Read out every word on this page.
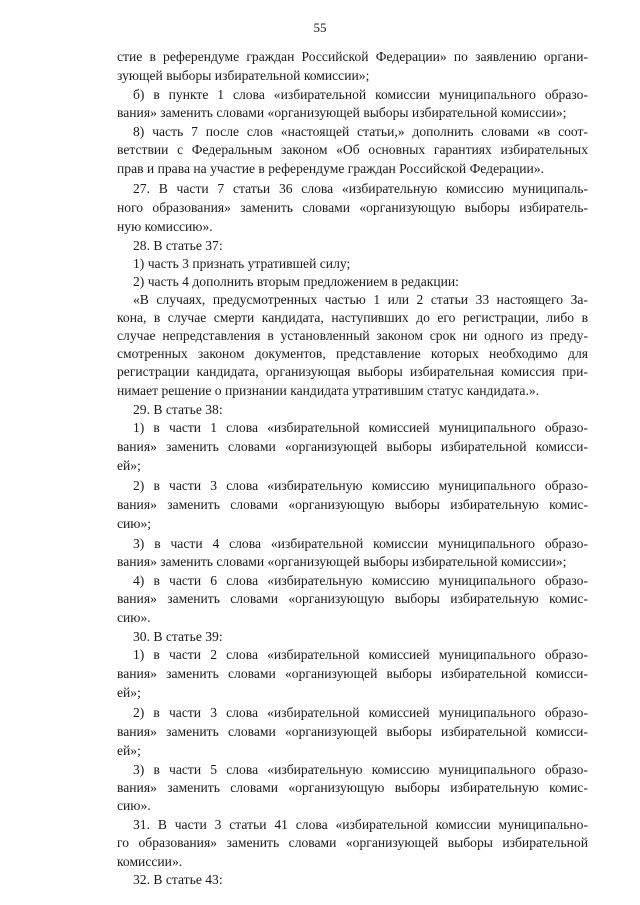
55
стие в референдуме граждан Российской Федерации» по заявлению органи-
зующей выборы избирательной комиссии»;
б) в пункте 1 слова «избирательной комиссии муниципального образо-
вания» заменить словами «организующей выборы избирательной комиссии»;
8) часть 7 после слов «настоящей статьи,» дополнить словами «в соот-
ветствии с Федеральным законом «Об основных гарантиях избирательных
прав и права на участие в референдуме граждан Российской Федерации».
27. В части 7 статьи 36 слова «избирательную комиссию муниципаль-
ного образования» заменить словами «организующую выборы избиратель-
ную комиссию».
28. В статье 37:
1) часть 3 признать утратившей силу;
2) часть 4 дополнить вторым предложением в редакции:
«В случаях, предусмотренных частью 1 или 2 статьи 33 настоящего За-
кона, в случае смерти кандидата, наступивших до его регистрации, либо в
случае непредставления в установленный законом срок ни одного из преду-
смотренных законом документов, представление которых необходимо для
регистрации кандидата, организующая выборы избирательная комиссия при-
нимает решение о признании кандидата утратившим статус кандидата.».
29. В статье 38:
1) в части 1 слова «избирательной комиссией муниципального образо-
вания» заменить словами «организующей выборы избирательной комисси-
ей»;
2) в части 3 слова «избирательную комиссию муниципального образо-
вания» заменить словами «организующую выборы избирательную комис-
сию»;
3) в части 4 слова «избирательной комиссии муниципального образо-
вания» заменить словами «организующей выборы избирательной комиссии»;
4) в части 6 слова «избирательную комиссию муниципального образо-
вания» заменить словами «организующую выборы избирательную комис-
сию».
30. В статье 39:
1) в части 2 слова «избирательной комиссией муниципального образо-
вания» заменить словами «организующей выборы избирательной комисси-
ей»;
2) в части 3 слова «избирательной комиссией муниципального образо-
вания» заменить словами «организующей выборы избирательной комисси-
ей»;
3) в части 5 слова «избирательную комиссию муниципального образо-
вания» заменить словами «организующую выборы избирательную комис-
сию».
31. В части 3 статьи 41 слова «избирательной комиссии муниципально-
го образования» заменить словами «организующей выборы избирательной
комиссии».
32. В статье 43:
